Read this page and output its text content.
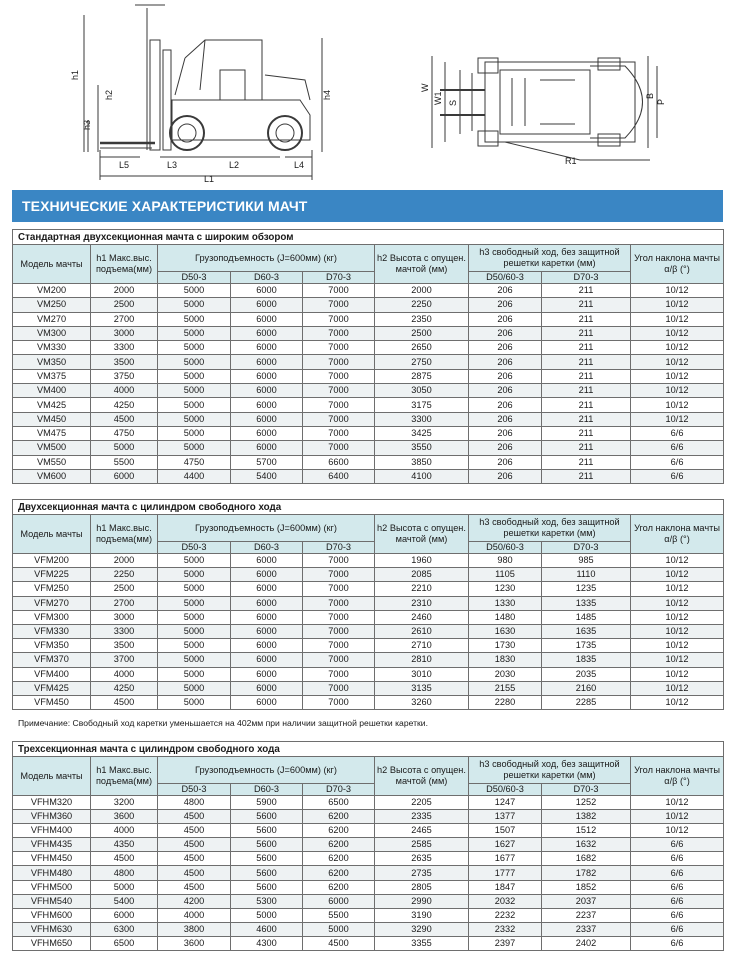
h1
h2
h3
h4
L5	L3	L2	L4
L1
W
W1 S
B
P
R1
ТЕХНИЧЕСКИЕ ХАРАКТЕРИСТИКИ МАЧТ
Стандартная двухсекционная мачта с широким обзором								
Модель мачты	h1 Макс.выс. подъема(мм)	Грузоподъемность (J=600мм) (кг)			h2 Высота с опущен. мачтой (мм)	h3 свободный ход, без защитной решетки каретки (мм)		Угол наклона мачты α/β (°)
		D50-3	D60-3	D70-3		D50/60-3	D70-3	
VM200	2000	5000	6000	7000	2000	206	211	10/12
VM250	2500	5000	6000	7000	2250	206	211	10/12
VM270	2700	5000	6000	7000	2350	206	211	10/12
VM300	3000	5000	6000	7000	2500	206	211	10/12
VM330	3300	5000	6000	7000	2650	206	211	10/12
VM350	3500	5000	6000	7000	2750	206	211	10/12
VM375	3750	5000	6000	7000	2875	206	211	10/12
VM400	4000	5000	6000	7000	3050	206	211	10/12
VM425	4250	5000	6000	7000	3175	206	211	10/12
VM450	4500	5000	6000	7000	3300	206	211	10/12
VM475	4750	5000	6000	7000	3425	206	211	6/6
VM500	5000	5000	6000	7000	3550	206	211	6/6
VM550	5500	4750	5700	6600	3850	206	211	6/6
VM600	6000	4400	5400	6400	4100	206	211	6/6
Двухсекционная мачта с цилиндром свободного хода								
Модель мачты	h1 Макс.выс. подъема(мм)	Грузоподъемность (J=600мм) (кг)			h2 Высота с опущен. мачтой (мм)	h3 свободный ход, без защитной решетки каретки (мм)		Угол наклона мачты α/β (°)
		D50-3	D60-3	D70-3		D50/60-3	D70-3	
VFM200	2000	5000	6000	7000	1960	980	985	10/12
VFM225	2250	5000	6000	7000	2085	1105	1110	10/12
VFM250	2500	5000	6000	7000	2210	1230	1235	10/12
VFM270	2700	5000	6000	7000	2310	1330	1335	10/12
VFM300	3000	5000	6000	7000	2460	1480	1485	10/12
VFM330	3300	5000	6000	7000	2610	1630	1635	10/12
VFM350	3500	5000	6000	7000	2710	1730	1735	10/12
VFM370	3700	5000	6000	7000	2810	1830	1835	10/12
VFM400	4000	5000	6000	7000	3010	2030	2035	10/12
VFM425	4250	5000	6000	7000	3135	2155	2160	10/12
VFM450	4500	5000	6000	7000	3260	2280	2285	10/12
Примечание: Свободный ход каретки уменьшается на 402мм при наличии защитной решетки каретки.
Трехсекционная мачта с цилиндром свободного хода								
Модель мачты	h1 Макс.выс. подъема(мм)	Грузоподъемность (J=600мм) (кг)			h2 Высота с опущен. мачтой (мм)	h3 свободный ход, без защитной решетки каретки (мм)		Угол наклона мачты α/β (°)
		D50-3	D60-3	D70-3		D50/60-3	D70-3	
VFHM320	3200	4800	5900	6500	2205	1247	1252	10/12
VFHM360	3600	4500	5600	6200	2335	1377	1382	10/12
VFHM400	4000	4500	5600	6200	2465	1507	1512	10/12
VFHM435	4350	4500	5600	6200	2585	1627	1632	6/6
VFHM450	4500	4500	5600	6200	2635	1677	1682	6/6
VFHM480	4800	4500	5600	6200	2735	1777	1782	6/6
VFHM500	5000	4500	5600	6200	2805	1847	1852	6/6
VFHM540	5400	4200	5300	6000	2990	2032	2037	6/6
VFHM600	6000	4000	5000	5500	3190	2232	2237	6/6
VFHM630	6300	3800	4600	5000	3290	2332	2337	6/6
VFHM650	6500	3600	4300	4500	3355	2397	2402	6/6
